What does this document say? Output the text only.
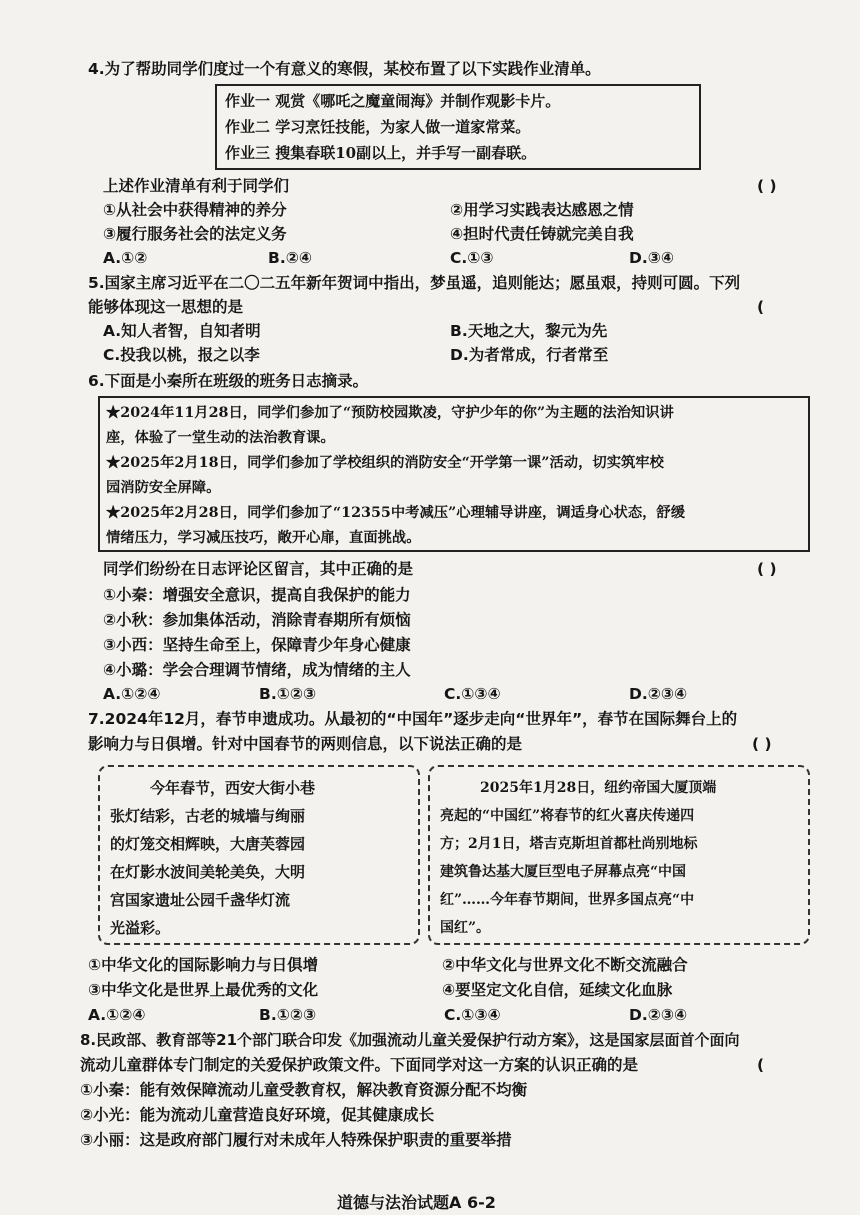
4.为了帮助同学们度过一个有意义的寒假，某校布置了以下实践作业清单。
作业一 观赏《哪吒之魔童闹海》并制作观影卡片。
作业二 学习烹饪技能，为家人做一道家常菜。
作业三 搜集春联10副以上，并手写一副春联。
上述作业清单有利于同学们	( )
①从社会中获得精神的养分	②用学习实践表达感恩之情
③履行服务社会的法定义务	④担时代责任铸就完美自我
A.①②	B.②④	C.①③	D.③④
5.国家主席习近平在二〇二五年新年贺词中指出，梦虽遥，追则能达；愿虽艰，持则可圆。下列
能够体现这一思想的是	(
A.知人者智，自知者明	B.天地之大，黎元为先
C.投我以桃，报之以李	D.为者常成，行者常至
6.下面是小秦所在班级的班务日志摘录。
★2024年11月28日，同学们参加了“预防校园欺凌，守护少年的你”为主题的法治知识讲
座，体验了一堂生动的法治教育课。
★2025年2月18日，同学们参加了学校组织的消防安全“开学第一课”活动，切实筑牢校
园消防安全屏障。
★2025年2月28日，同学们参加了“12355中考减压”心理辅导讲座，调适身心状态，舒缓
情绪压力，学习减压技巧，敞开心扉，直面挑战。
同学们纷纷在日志评论区留言，其中正确的是	( )
①小秦：增强安全意识，提高自我保护的能力
②小秋：参加集体活动，消除青春期所有烦恼
③小西：坚持生命至上，保障青少年身心健康
④小璐：学会合理调节情绪，成为情绪的主人
A.①②④	B.①②③	C.①③④	D.②③④
7.2024年12月，春节申遗成功。从最初的“中国年”逐步走向“世界年”，春节在国际舞台上的
影响力与日俱增。针对中国春节的两则信息，以下说法正确的是	( )
今年春节，西安大街小巷
张灯结彩，古老的城墙与绚丽
的灯笼交相辉映，大唐芙蓉园
在灯影水波间美轮美奂，大明
宫国家遗址公园千盏华灯流
光溢彩。
2025年1月28日，纽约帝国大厦顶端
亮起的“中国红”将春节的红火喜庆传递四
方；2月1日，塔吉克斯坦首都杜尚别地标
建筑鲁达基大厦巨型电子屏幕点亮“中国
红”……今年春节期间，世界多国点亮“中
国红”。
①中华文化的国际影响力与日俱增	②中华文化与世界文化不断交流融合
③中华文化是世界上最优秀的文化	④要坚定文化自信，延续文化血脉
A.①②④	B.①②③	C.①③④	D.②③④
8.民政部、教育部等21个部门联合印发《加强流动儿童关爱保护行动方案》，这是国家层面首个面向
流动儿童群体专门制定的关爱保护政策文件。下面同学对这一方案的认识正确的是	(
①小秦：能有效保障流动儿童受教育权，解决教育资源分配不均衡
②小光：能为流动儿童营造良好环境，促其健康成长
③小丽：这是政府部门履行对未成年人特殊保护职责的重要举措
道德与法治试题A 6-2
